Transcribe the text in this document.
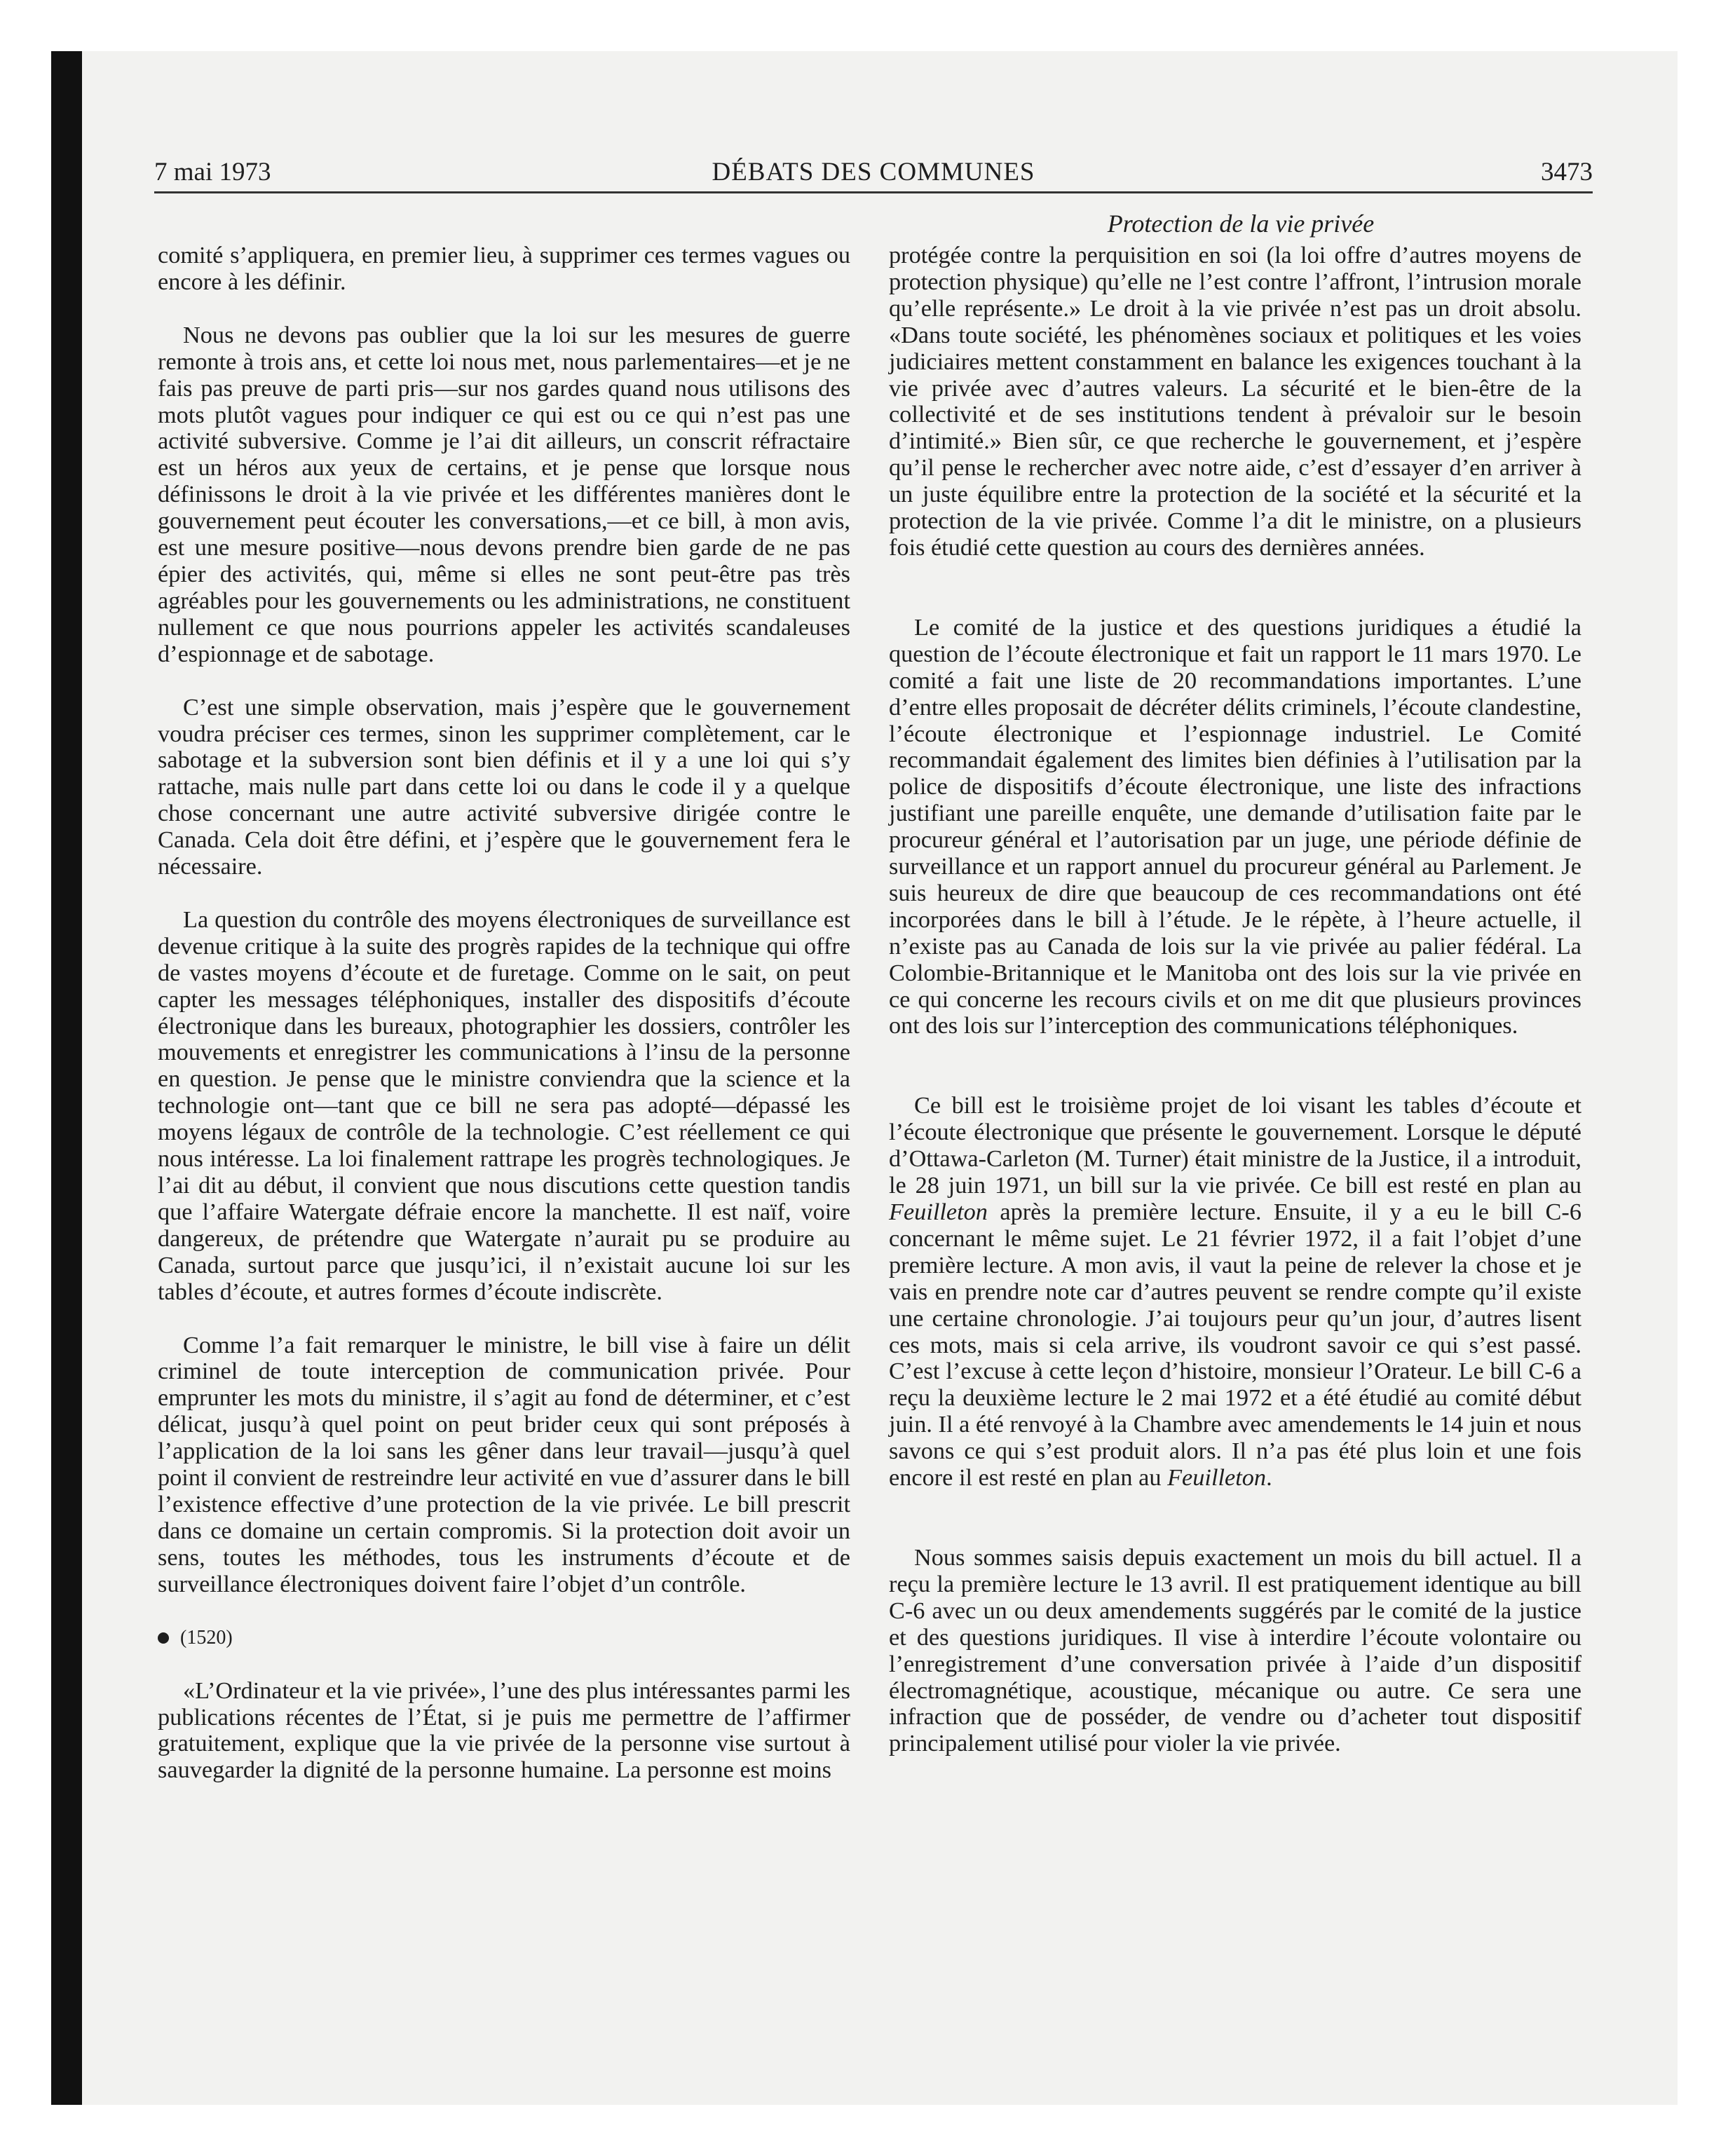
7 mai 1973	DÉBATS DES COMMUNES	3473
Protection de la vie privée

comité s’appliquera, en premier lieu, à supprimer ces termes vagues ou encore à les définir.

Nous ne devons pas oublier que la loi sur les mesures de guerre remonte à trois ans, et cette loi nous met, nous parlementaires—et je ne fais pas preuve de parti pris—sur nos gardes quand nous utilisons des mots plutôt vagues pour indiquer ce qui est ou ce qui n’est pas une activité subversive. Comme je l’ai dit ailleurs, un conscrit réfractaire est un héros aux yeux de certains, et je pense que lorsque nous définissons le droit à la vie privée et les différentes manières dont le gouvernement peut écouter les conversations,—et ce bill, à mon avis, est une mesure positive—nous devons prendre bien garde de ne pas épier des activités, qui, même si elles ne sont peut-être pas très agréables pour les gouvernements ou les administrations, ne constituent nullement ce que nous pourrions appeler les activités scandaleuses d’espionnage et de sabotage.

C’est une simple observation, mais j’espère que le gouvernement voudra préciser ces termes, sinon les supprimer complètement, car le sabotage et la subversion sont bien définis et il y a une loi qui s’y rattache, mais nulle part dans cette loi ou dans le code il y a quelque chose concernant une autre activité subversive dirigée contre le Canada. Cela doit être défini, et j’espère que le gouvernement fera le nécessaire.

La question du contrôle des moyens électroniques de surveillance est devenue critique à la suite des progrès rapides de la technique qui offre de vastes moyens d’écoute et de furetage. Comme on le sait, on peut capter les messages téléphoniques, installer des dispositifs d’écoute électronique dans les bureaux, photographier les dossiers, contrôler les mouvements et enregistrer les communications à l’insu de la personne en question. Je pense que le ministre conviendra que la science et la technologie ont—tant que ce bill ne sera pas adopté—dépassé les moyens légaux de contrôle de la technologie. C’est réellement ce qui nous intéresse. La loi finalement rattrape les progrès technologiques. Je l’ai dit au début, il convient que nous discutions cette question tandis que l’affaire Watergate défraie encore la manchette. Il est naïf, voire dangereux, de prétendre que Watergate n’aurait pu se produire au Canada, surtout parce que jusqu’ici, il n’existait aucune loi sur les tables d’écoute, et autres formes d’écoute indiscrète.

Comme l’a fait remarquer le ministre, le bill vise à faire un délit criminel de toute interception de communication privée. Pour emprunter les mots du ministre, il s’agit au fond de déterminer, et c’est délicat, jusqu’à quel point on peut brider ceux qui sont préposés à l’application de la loi sans les gêner dans leur travail—jusqu’à quel point il convient de restreindre leur activité en vue d’assurer dans le bill l’existence effective d’une protection de la vie privée. Le bill prescrit dans ce domaine un certain compromis. Si la protection doit avoir un sens, toutes les méthodes, tous les instruments d’écoute et de surveillance électroniques doivent faire l’objet d’un contrôle.

(1520)

«L’Ordinateur et la vie privée», l’une des plus intéressantes parmi les publications récentes de l’État, si je puis me permettre de l’affirmer gratuitement, explique que la vie privée de la personne vise surtout à sauvegarder la dignité de la personne humaine. La personne est moins

protégée contre la perquisition en soi (la loi offre d’autres moyens de protection physique) qu’elle ne l’est contre l’affront, l’intrusion morale qu’elle représente.» Le droit à la vie privée n’est pas un droit absolu. «Dans toute société, les phénomènes sociaux et politiques et les voies judiciaires mettent constamment en balance les exigences touchant à la vie privée avec d’autres valeurs. La sécurité et le bien-être de la collectivité et de ses institutions tendent à prévaloir sur le besoin d’intimité.» Bien sûr, ce que recherche le gouvernement, et j’espère qu’il pense le rechercher avec notre aide, c’est d’essayer d’en arriver à un juste équilibre entre la protection de la société et la sécurité et la protection de la vie privée. Comme l’a dit le ministre, on a plusieurs fois étudié cette question au cours des dernières années.

Le comité de la justice et des questions juridiques a étudié la question de l’écoute électronique et fait un rapport le 11 mars 1970. Le comité a fait une liste de 20 recommandations importantes. L’une d’entre elles proposait de décréter délits criminels, l’écoute clandestine, l’écoute électronique et l’espionnage industriel. Le Comité recommandait également des limites bien définies à l’utilisation par la police de dispositifs d’écoute électronique, une liste des infractions justifiant une pareille enquête, une demande d’utilisation faite par le procureur général et l’autorisation par un juge, une période définie de surveillance et un rapport annuel du procureur général au Parlement. Je suis heureux de dire que beaucoup de ces recommandations ont été incorporées dans le bill à l’étude. Je le répète, à l’heure actuelle, il n’existe pas au Canada de lois sur la vie privée au palier fédéral. La Colombie-Britannique et le Manitoba ont des lois sur la vie privée en ce qui concerne les recours civils et on me dit que plusieurs provinces ont des lois sur l’interception des communications téléphoniques.

Ce bill est le troisième projet de loi visant les tables d’écoute et l’écoute électronique que présente le gouvernement. Lorsque le député d’Ottawa-Carleton (M. Turner) était ministre de la Justice, il a introduit, le 28 juin 1971, un bill sur la vie privée. Ce bill est resté en plan au Feuilleton après la première lecture. Ensuite, il y a eu le bill C-6 concernant le même sujet. Le 21 février 1972, il a fait l’objet d’une première lecture. A mon avis, il vaut la peine de relever la chose et je vais en prendre note car d’autres peuvent se rendre compte qu’il existe une certaine chronologie. J’ai toujours peur qu’un jour, d’autres lisent ces mots, mais si cela arrive, ils voudront savoir ce qui s’est passé. C’est l’excuse à cette leçon d’histoire, monsieur l’Orateur. Le bill C-6 a reçu la deuxième lecture le 2 mai 1972 et a été étudié au comité début juin. Il a été renvoyé à la Chambre avec amendements le 14 juin et nous savons ce qui s’est produit alors. Il n’a pas été plus loin et une fois encore il est resté en plan au Feuilleton.

Nous sommes saisis depuis exactement un mois du bill actuel. Il a reçu la première lecture le 13 avril. Il est pratiquement identique au bill C-6 avec un ou deux amendements suggérés par le comité de la justice et des questions juridiques. Il vise à interdire l’écoute volontaire ou l’enregistrement d’une conversation privée à l’aide d’un dispositif électromagnétique, acoustique, mécanique ou autre. Ce sera une infraction que de posséder, de vendre ou d’acheter tout dispositif principalement utilisé pour violer la vie privée.
